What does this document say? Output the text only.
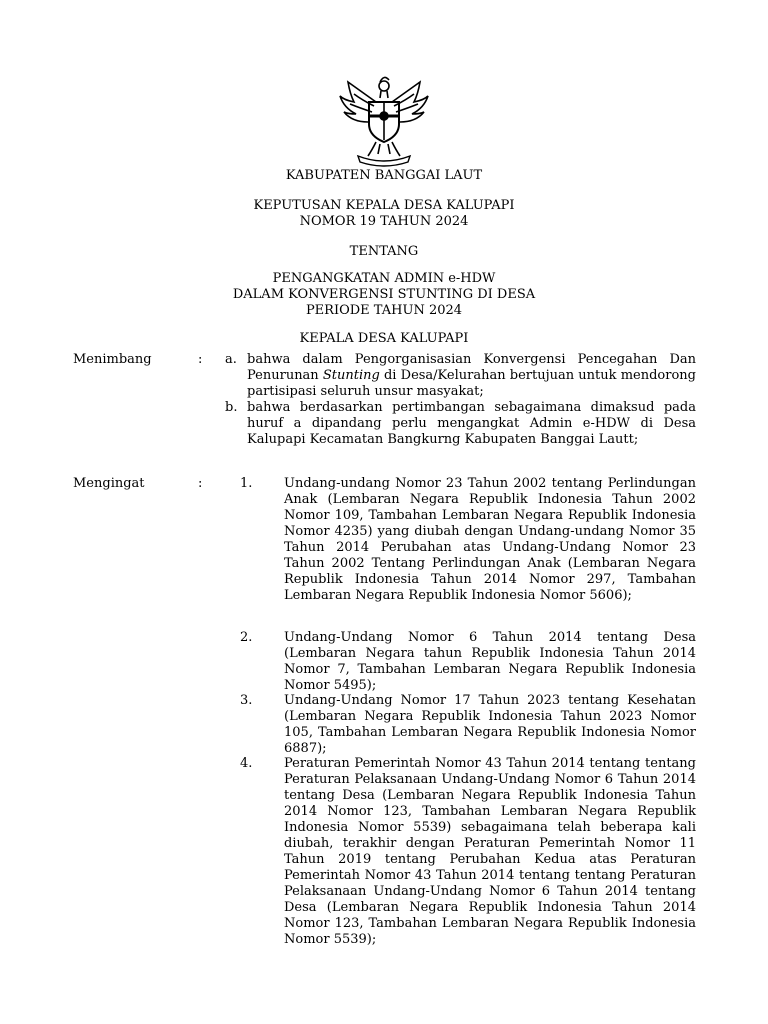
KABUPATEN BANGGAI LAUT
KEPUTUSAN KEPALA DESA KALUPAPI
NOMOR 19 TAHUN 2024
TENTANG
PENGANGKATAN ADMIN e-HDW
DALAM KONVERGENSI STUNTING DI DESA
PERIODE TAHUN 2024
KEPALA DESA KALUPAPI
Menimbang	: a. bahwa dalam Pengorganisasian Konvergensi Pencegahan Dan Penurunan Stunting di Desa/Kelurahan bertujuan untuk mendorong partisipasi seluruh unsur masyakat;
b. bahwa berdasarkan pertimbangan sebagaimana dimaksud pada huruf a dipandang perlu mengangkat Admin e-HDW di Desa Kalupapi Kecamatan Bangkurng Kabupaten Banggai Lautt;
Mengingat	:	1. Undang-undang Nomor 23 Tahun 2002 tentang Perlindungan Anak (Lembaran Negara Republik Indonesia Tahun 2002 Nomor 109, Tambahan Lembaran Negara Republik Indonesia Nomor 4235) yang diubah dengan Undang-undang Nomor 35 Tahun 2014 Perubahan atas Undang-Undang Nomor 23 Tahun 2002 Tentang Perlindungan Anak (Lembaran Negara Republik Indonesia Tahun 2014 Nomor 297, Tambahan Lembaran Negara Republik Indonesia Nomor 5606);
2. Undang-Undang Nomor 6 Tahun 2014 tentang Desa (Lembaran Negara tahun Republik Indonesia Tahun 2014 Nomor 7, Tambahan Lembaran Negara Republik Indonesia Nomor 5495);
3. Undang-Undang Nomor 17 Tahun 2023 tentang Kesehatan (Lembaran Negara Republik Indonesia Tahun 2023 Nomor 105, Tambahan Lembaran Negara Republik Indonesia Nomor 6887);
4. Peraturan Pemerintah Nomor 43 Tahun 2014 tentang tentang Peraturan Pelaksanaan Undang-Undang Nomor 6 Tahun 2014 tentang Desa (Lembaran Negara Republik Indonesia Tahun 2014 Nomor 123, Tambahan Lembaran Negara Republik Indonesia Nomor 5539) sebagaimana telah beberapa kali diubah, terakhir dengan Peraturan Pemerintah Nomor 11 Tahun 2019 tentang Perubahan Kedua atas Peraturan Pemerintah Nomor 43 Tahun 2014 tentang tentang Peraturan Pelaksanaan Undang-Undang Nomor 6 Tahun 2014 tentang Desa (Lembaran Negara Republik Indonesia Tahun 2014 Nomor 123, Tambahan Lembaran Negara Republik Indonesia Nomor 5539);
